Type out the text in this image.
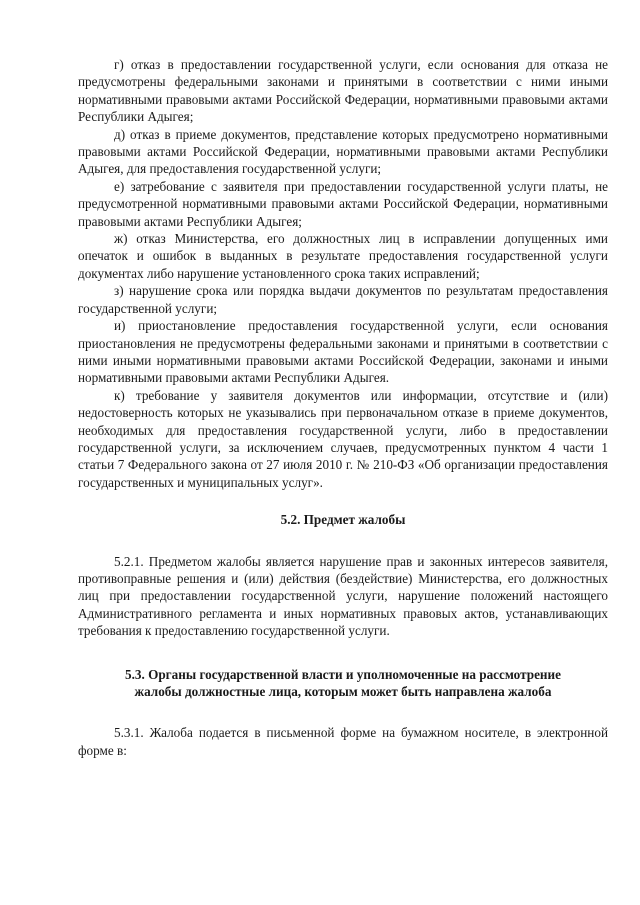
г) отказ в предоставлении государственной услуги, если основания для отказа не предусмотрены федеральными законами и принятыми в соответствии с ними иными нормативными правовыми актами Российской Федерации, нормативными правовыми актами Республики Адыгея;

д) отказ в приеме документов, представление которых предусмотрено нормативными правовыми актами Российской Федерации, нормативными правовыми актами Республики Адыгея, для предоставления государственной услуги;

е) затребование с заявителя при предоставлении государственной услуги платы, не предусмотренной нормативными правовыми актами Российской Федерации, нормативными правовыми актами Республики Адыгея;

ж) отказ Министерства, его должностных лиц в исправлении допущенных ими опечаток и ошибок в выданных в результате предоставления государственной услуги документах либо нарушение установленного срока таких исправлений;

з) нарушение срока или порядка выдачи документов по результатам предоставления государственной услуги;

и) приостановление предоставления государственной услуги, если основания приостановления не предусмотрены федеральными законами и принятыми в соответствии с ними иными нормативными правовыми актами Российской Федерации, законами и иными нормативными правовыми актами Республики Адыгея.

к) требование у заявителя документов или информации, отсутствие и (или) недостоверность которых не указывались при первоначальном отказе в приеме документов, необходимых для предоставления государственной услуги, либо в предоставлении государственной услуги, за исключением случаев, предусмотренных пунктом 4 части 1 статьи 7 Федерального закона от 27 июля 2010 г. № 210-ФЗ «Об организации предоставления государственных и муниципальных услуг».

5.2. Предмет жалобы

5.2.1. Предметом жалобы является нарушение прав и законных интересов заявителя, противоправные решения и (или) действия (бездействие) Министерства, его должностных лиц при предоставлении государственной услуги, нарушение положений настоящего Административного регламента и иных нормативных правовых актов, устанавливающих требования к предоставлению государственной услуги.

5.3. Органы государственной власти и уполномоченные на рассмотрение
жалобы должностные лица, которым может быть направлена жалоба

5.3.1. Жалоба подается в письменной форме на бумажном носителе, в электронной форме в:
